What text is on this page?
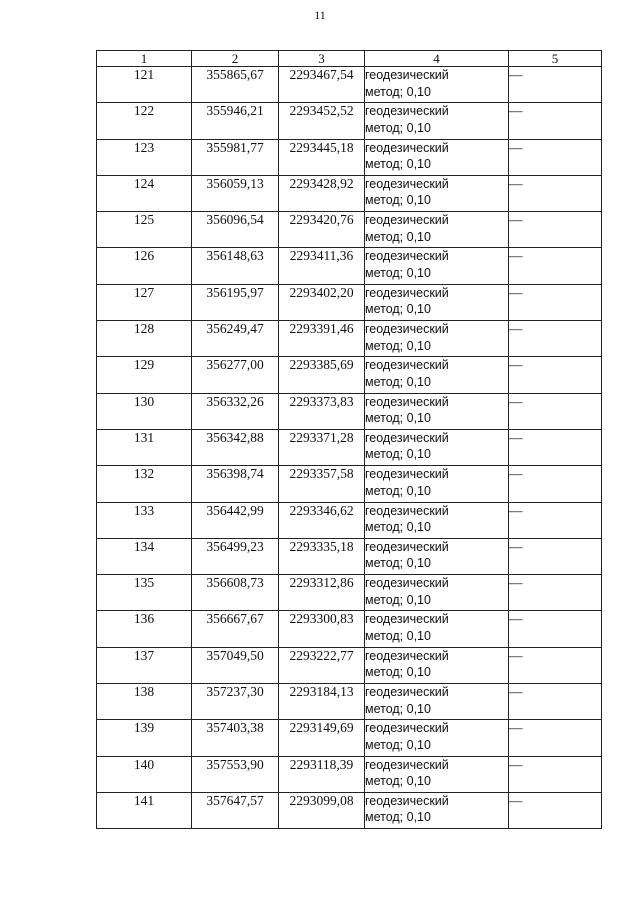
11
1	2	3	4	5
121	355865,67	2293467,54	геодезический
метод; 0,10	—
122	355946,21	2293452,52	геодезический
метод; 0,10	—
123	355981,77	2293445,18	геодезический
метод; 0,10	—
124	356059,13	2293428,92	геодезический
метод; 0,10	—
125	356096,54	2293420,76	геодезический
метод; 0,10	—
126	356148,63	2293411,36	геодезический
метод; 0,10	—
127	356195,97	2293402,20	геодезический
метод; 0,10	—
128	356249,47	2293391,46	геодезический
метод; 0,10	—
129	356277,00	2293385,69	геодезический
метод; 0,10	—
130	356332,26	2293373,83	геодезический
метод; 0,10	—
131	356342,88	2293371,28	геодезический
метод; 0,10	—
132	356398,74	2293357,58	геодезический
метод; 0,10	—
133	356442,99	2293346,62	геодезический
метод; 0,10	—
134	356499,23	2293335,18	геодезический
метод; 0,10	—
135	356608,73	2293312,86	геодезический
метод; 0,10	—
136	356667,67	2293300,83	геодезический
метод; 0,10	—
137	357049,50	2293222,77	геодезический
метод; 0,10	—
138	357237,30	2293184,13	геодезический
метод; 0,10	—
139	357403,38	2293149,69	геодезический
метод; 0,10	—
140	357553,90	2293118,39	геодезический
метод; 0,10	—
141	357647,57	2293099,08	геодезический
метод; 0,10	—
